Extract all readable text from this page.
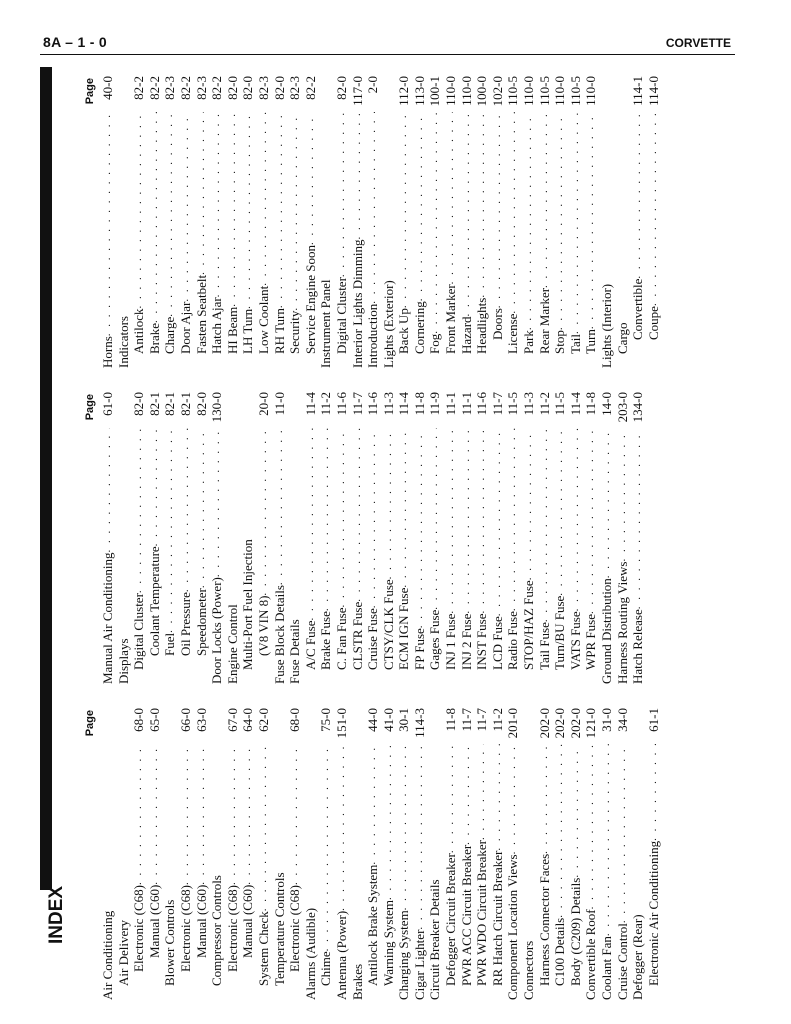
8A – 1 - 0	CORVETTE
INDEX
Page
Air Conditioning Air Delivery Electronic (C68)
. . .
68-0
Manual (C60)
. . .
65-0
Blower Controls Electronic (C68)
. . .
66-0
Manual (C60)
. . .
63-0
Compressor Controls Electronic (C68)
. . .
67-0
Manual (C60)
. . .
64-0
System Check
. . .
62-0
Temperature Controls Electronic (C68)
. . .
68-0
Alarms (Audible) Chime
. . .
75-0
Antenna (Power)
. . .
151-0
Brakes Antilock Brake System
. . .
44-0
Warning System
. . .
41-0
Charging System
. . .
30-1
Cigar Lighter
. . .
114-3
Circuit Breaker Details Defogger Circuit Breaker
. . .
11-8
PWR ACC Circuit Breaker
. . .
11-7
PWR WDO Circuit Breaker
. . .
11-7
RR Hatch Circuit Breaker
. . .
11-2
Component Location Views
. . .
201-0
Connectors Harness Connector Faces
. . .
202-0
C100 Details
. . .
202-0
Body (C209) Details
. . .
202-0
Convertible Roof
. . .
121-0
Coolant Fan
. . .
31-0
Cruise Control
. . .
34-0
Defogger (Rear) Electronic Air Conditioning
. . .
61-1
Page
Manual Air Conditioning
. . .
61-0
Displays Digital Cluster
. . .
82-0
Coolant Temperature
. . .
82-1
Fuel
. . .
82-1
Oil Pressure
. . .
82-1
Speedometer
. . .
82-0
Door Locks (Power)
. . .
130-0
Engine Control Multi-Port Fuel Injection (V8 VIN 8)
. . .
20-0
Fuse Block Details
. . .
11-0
Fuse Details A/C Fuse
. . .
11-4
Brake Fuse
. . .
11-2
C. Fan Fuse
. . .
11-6
CLSTR Fuse
. . .
11-7
Cruise Fuse
. . .
11-6
CTSY/CLK Fuse
. . .
11-3
ECM IGN Fuse
. . .
11-4
FP Fuse
. . .
11-8
Gages Fuse
. . .
11-9
INJ 1 Fuse
. . .
11-1
INJ 2 Fuse
. . .
11-1
INST Fuse
. . .
11-6
LCD Fuse
. . .
11-7
Radio Fuse
. . .
11-5
STOP/HAZ Fuse
. . .
11-3
Tail Fuse
. . .
11-2
Turn/BU Fuse
. . .
11-5
VATS Fuse
. . .
11-4
WPR Fuse
. . .
11-8
Ground Distribution
. . .
14-0
Harness Routing Views
. . .
203-0
Hatch Release
. . .
134-0
Page
Horns
. . .
40-0
Indicators Antilock
. . .
82-2
Brake
. . .
82-2
Charge
. . .
82-3
Door Ajar
. . .
82-2
Fasten Seatbelt
. . .
82-3
Hatch Ajar
. . .
82-2
HI Beam
. . .
82-0
LH Turn
. . .
82-0
Low Coolant
. . .
82-3
RH Turn
. . .
82-0
Security
. . .
82-3
Service Engine Soon
. . .
82-2
Instrument Panel Digital Cluster
. . .
82-0
Interior Lights Dimming
. . .
117-0
Introduction
. . .
2-0
Lights (Exterior) Back Up
. . .
112-0
Cornering
. . .
113-0
Fog
. . .
100-1
Front Marker
. . .
110-0
Hazard
. . .
110-0
Headlights
. . .
100-0
Doors
. . .
102-0
License
. . .
110-5
Park
. . .
110-0
Rear Marker
. . .
110-5
Stop
. . .
110-0
Tail
. . .
110-5
Turn
. . .
110-0
Lights (Interior) Cargo Convertible
. . .
114-1
Coupe
. . .
114-0
